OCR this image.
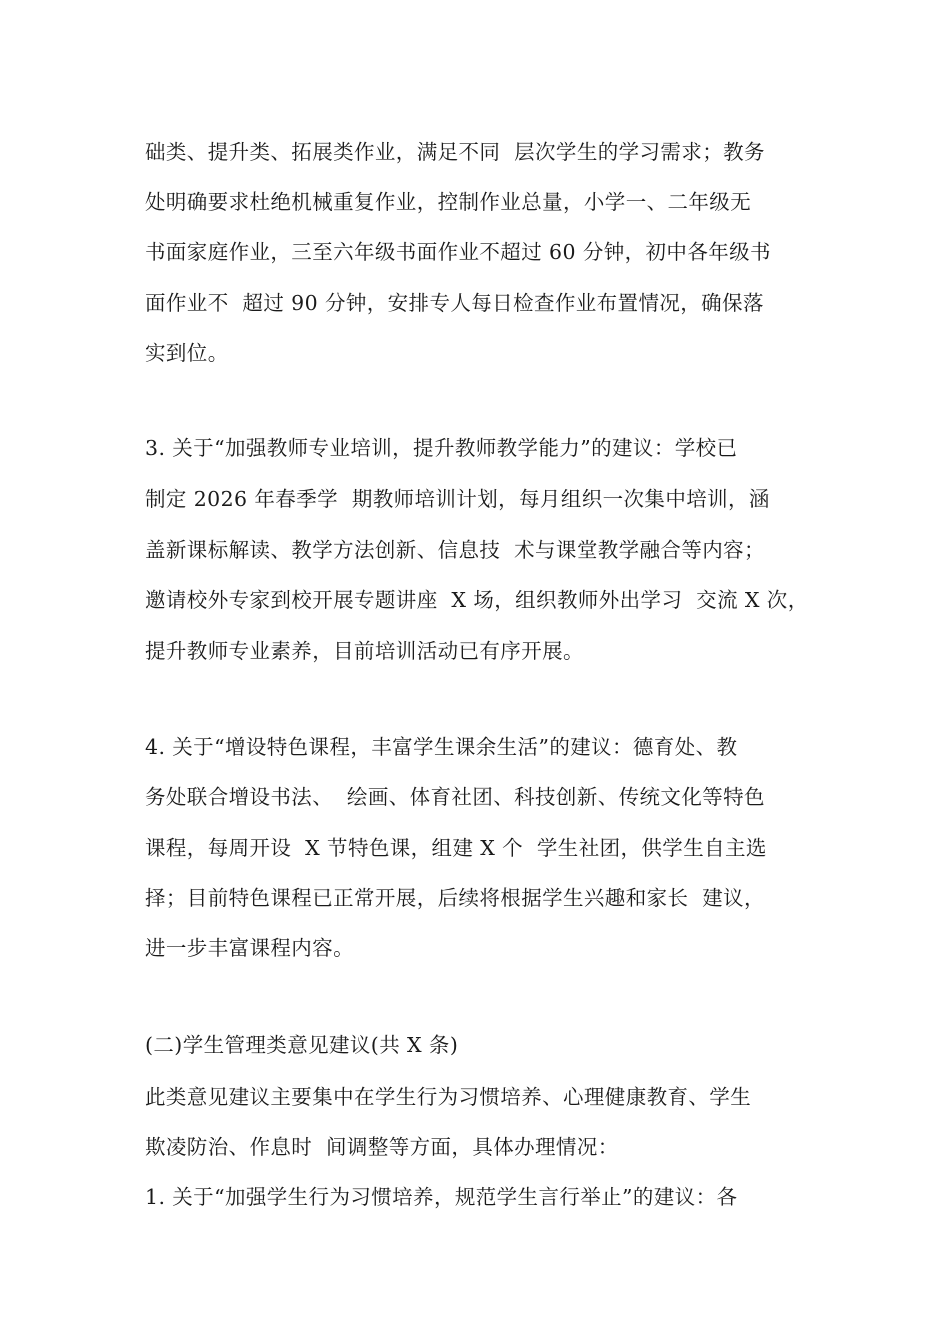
础类、提升类、拓展类作业，满足不同  层次学生的学习需求；教务
处明确要求杜绝机械重复作业，控制作业总量，小学一、二年级无
书面家庭作业，三至六年级书面作业不超过 60 分钟，初中各年级书
面作业不  超过 90 分钟，安排专人每日检查作业布置情况，确保落
实到位。
3. 关于“加强教师专业培训，提升教师教学能力”的建议：学校已
制定 2026 年春季学  期教师培训计划，每月组织一次集中培训，涵
盖新课标解读、教学方法创新、信息技  术与课堂教学融合等内容；
邀请校外专家到校开展专题讲座  X 场，组织教师外出学习  交流 X 次，
提升教师专业素养，目前培训活动已有序开展。
4. 关于“增设特色课程，丰富学生课余生活”的建议：德育处、教
务处联合增设书法、  绘画、体育社团、科技创新、传统文化等特色
课程，每周开设  X 节特色课，组建 X 个  学生社团，供学生自主选
择；目前特色课程已正常开展，后续将根据学生兴趣和家长  建议，
进一步丰富课程内容。
(二)学生管理类意见建议(共 X 条)
此类意见建议主要集中在学生行为习惯培养、心理健康教育、学生
欺凌防治、作息时  间调整等方面，具体办理情况：
1. 关于“加强学生行为习惯培养，规范学生言行举止”的建议：各
